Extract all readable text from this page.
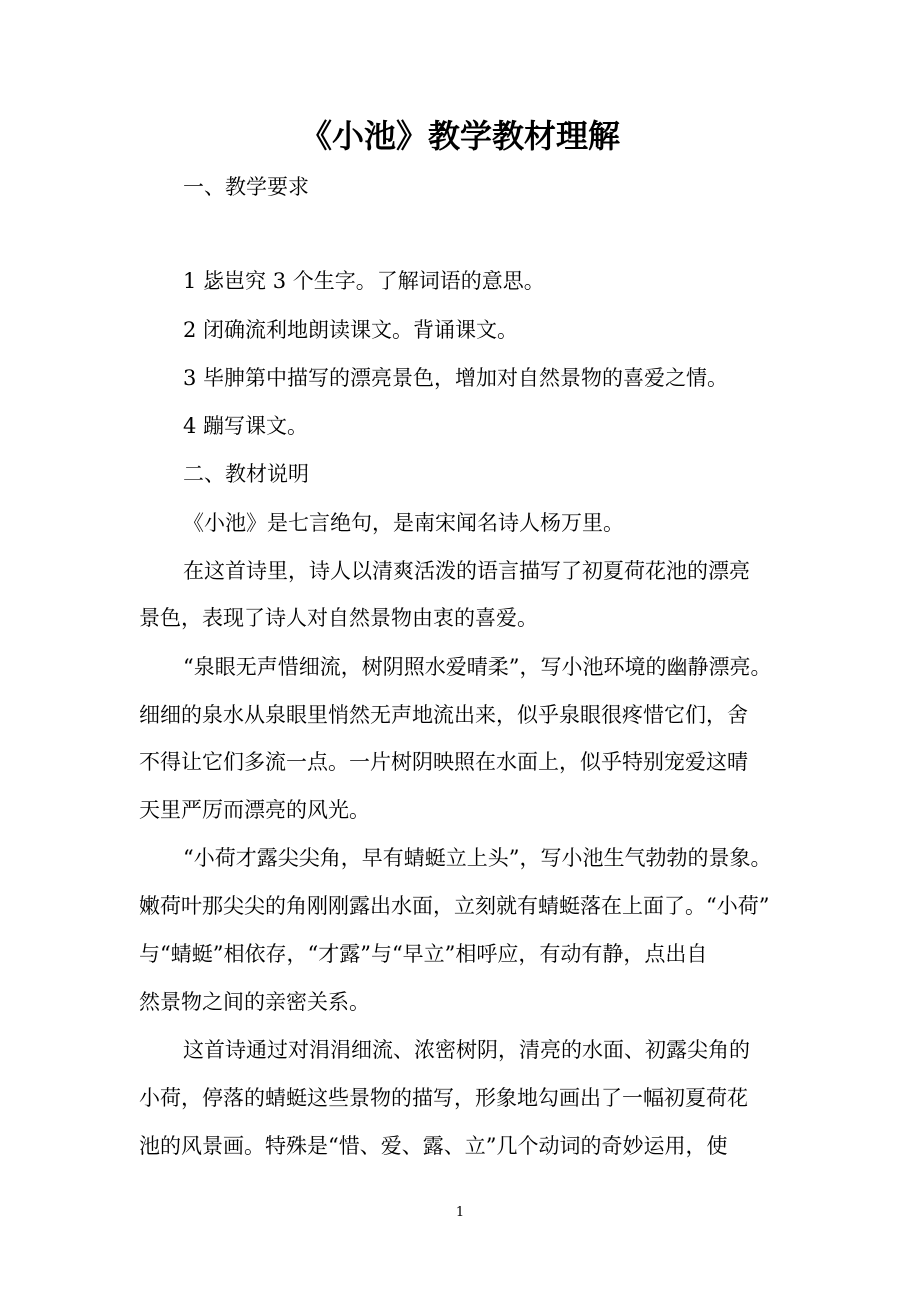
《小池》教学教材理解

一、教学要求

1 毖岜究 3 个生字。了解词语的意思。

2 闭确流利地朗读课文。背诵课文。

3 毕胂第中描写的漂亮景色，增加对自然景物的喜爱之情。

4 蹦写课文。

二、教材说明

《小池》是七言绝句，是南宋闻名诗人杨万里。

在这首诗里，诗人以清爽活泼的语言描写了初夏荷花池的漂亮

景色，表现了诗人对自然景物由衷的喜爱。

“泉眼无声惜细流，树阴照水爱晴柔”，写小池环境的幽静漂亮。

细细的泉水从泉眼里悄然无声地流出来，似乎泉眼很疼惜它们，舍

不得让它们多流一点。一片树阴映照在水面上，似乎特别宠爱这晴

天里严厉而漂亮的风光。

“小荷才露尖尖角，早有蜻蜓立上头”，写小池生气勃勃的景象。

嫩荷叶那尖尖的角刚刚露出水面，立刻就有蜻蜓落在上面了。“小荷”

与“蜻蜓”相依存，“才露”与“早立”相呼应，有动有静，点出自

然景物之间的亲密关系。

这首诗通过对涓涓细流、浓密树阴，清亮的水面、初露尖角的

小荷，停落的蜻蜓这些景物的描写，形象地勾画出了一幅初夏荷花

池的风景画。特殊是“惜、爱、露、立”几个动词的奇妙运用，使

1
